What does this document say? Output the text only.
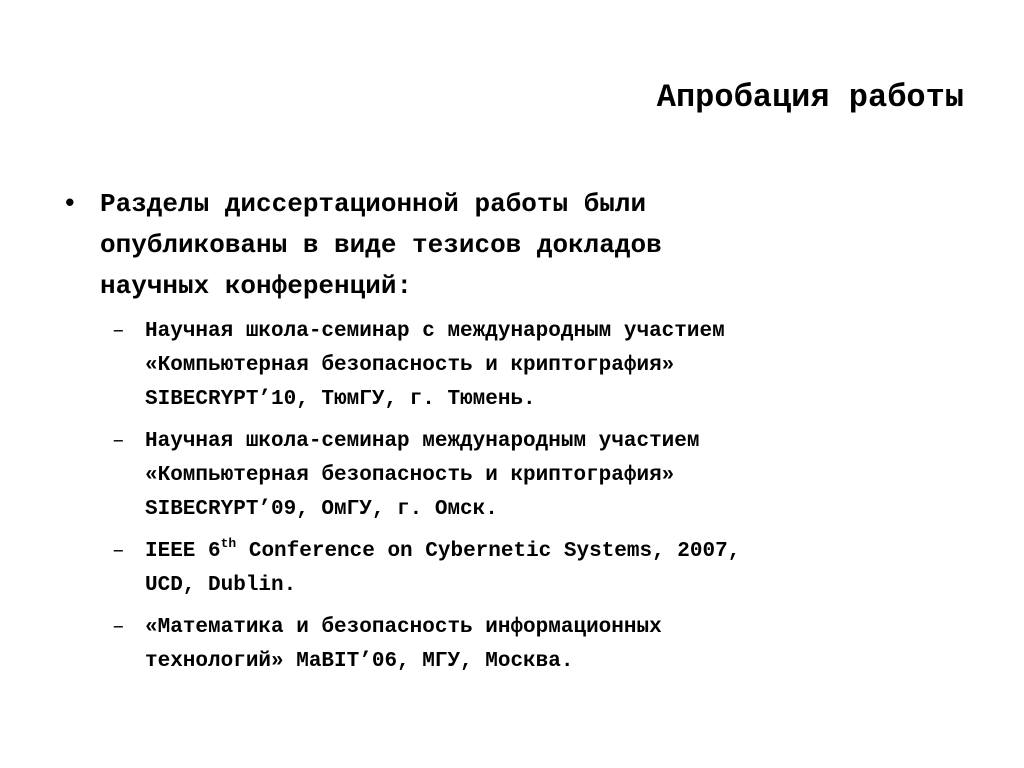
Апробация работы
• Разделы диссертационной работы были
опубликованы в виде тезисов докладов
научных конференций:
– Научная школа-семинар с международным участием
«Компьютерная безопасность и криптография»
SIBECRYPT’10, ТюмГУ, г. Тюмень.
– Научная школа-семинар международным участием
«Компьютерная безопасность и криптография»
SIBECRYPT’09, ОмГУ, г. Омск.
– IEEE 6th Conference on Cybernetic Systems, 2007,
UCD, Dublin.
– «Математика и безопасность информационных
технологий» MaBIT’06, МГУ, Москва.
